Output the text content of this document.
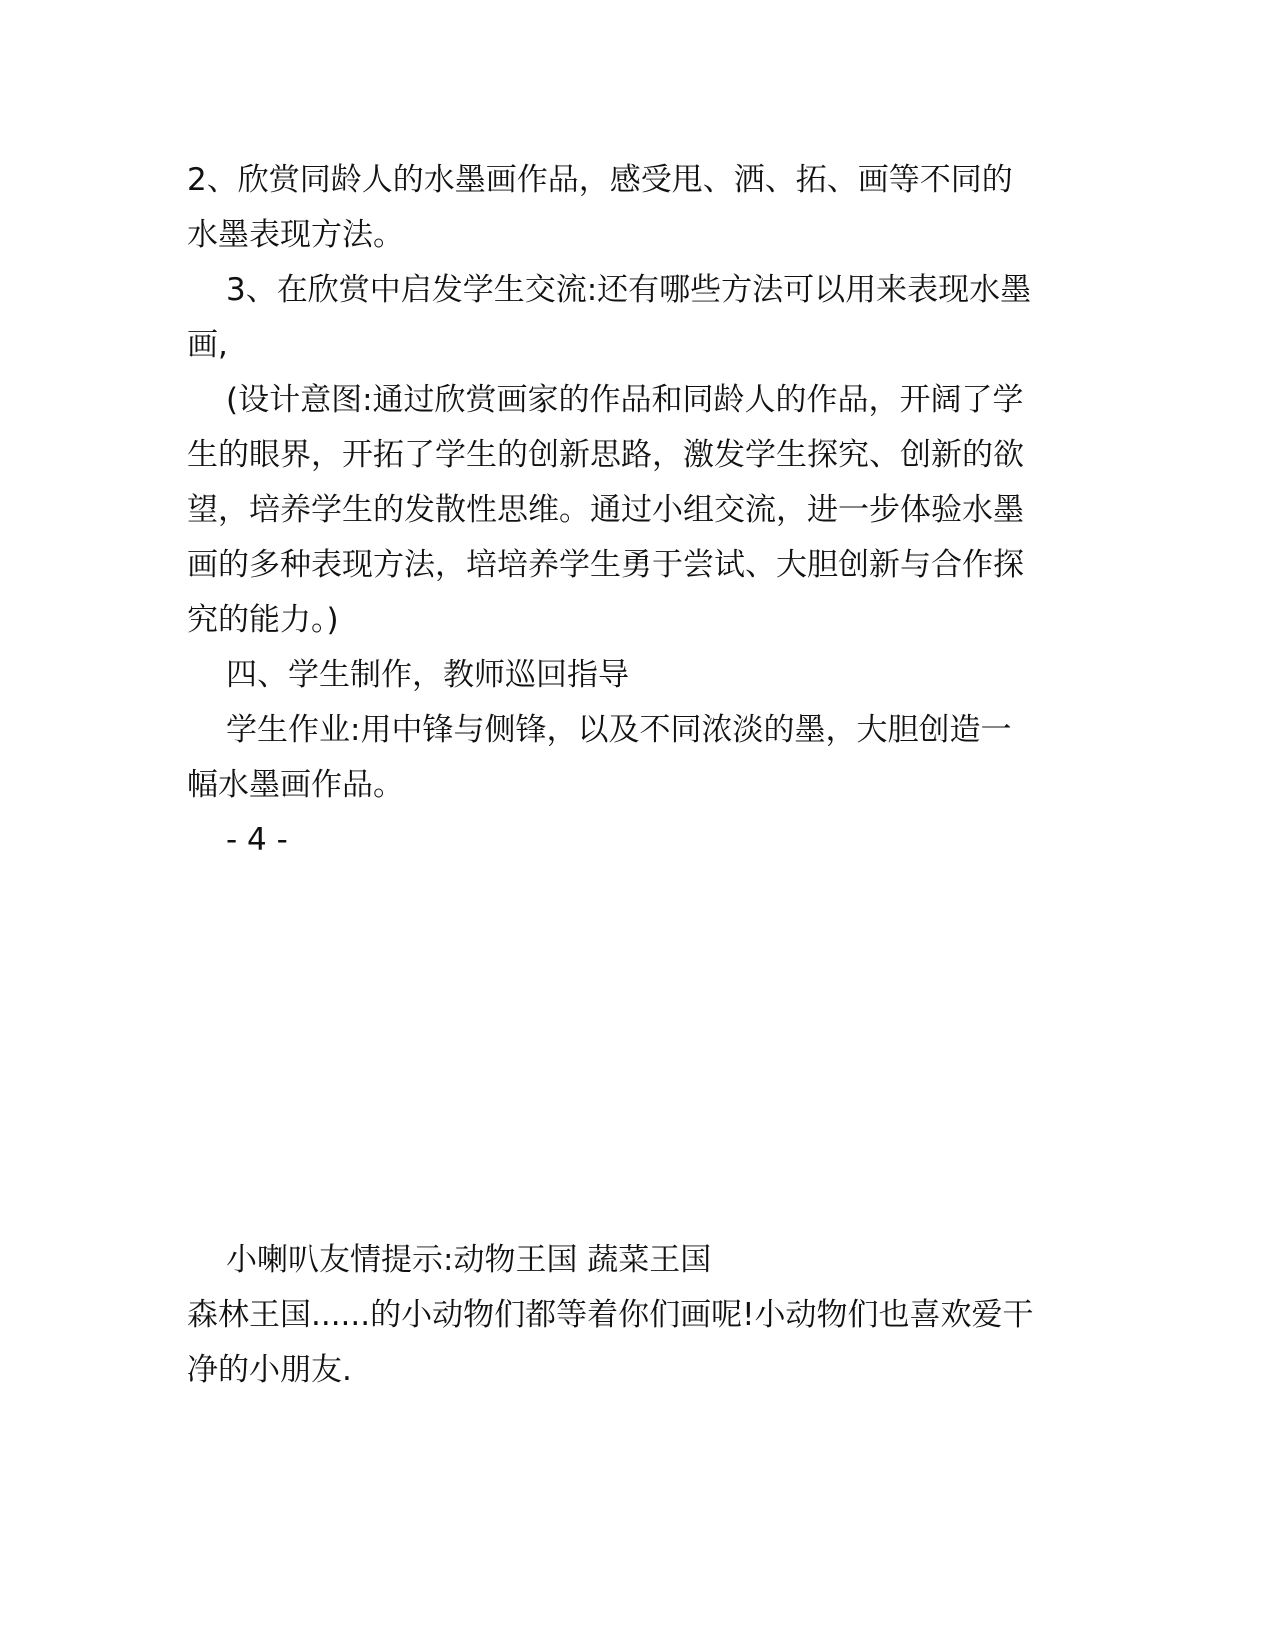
2、欣赏同龄人的水墨画作品，感受甩、洒、拓、画等不同的
水墨表现方法。
3、在欣赏中启发学生交流:还有哪些方法可以用来表现水墨
画,
(设计意图:通过欣赏画家的作品和同龄人的作品，开阔了学
生的眼界，开拓了学生的创新思路，激发学生探究、创新的欲
望，培养学生的发散性思维。通过小组交流，进一步体验水墨
画的多种表现方法，培培养学生勇于尝试、大胆创新与合作探
究的能力。)
四、学生制作，教师巡回指导
学生作业:用中锋与侧锋，以及不同浓淡的墨，大胆创造一
幅水墨画作品。
- 4 -
小喇叭友情提示:动物王国 蔬菜王国
森林王国......的小动物们都等着你们画呢!小动物们也喜欢爱干
净的小朋友.
